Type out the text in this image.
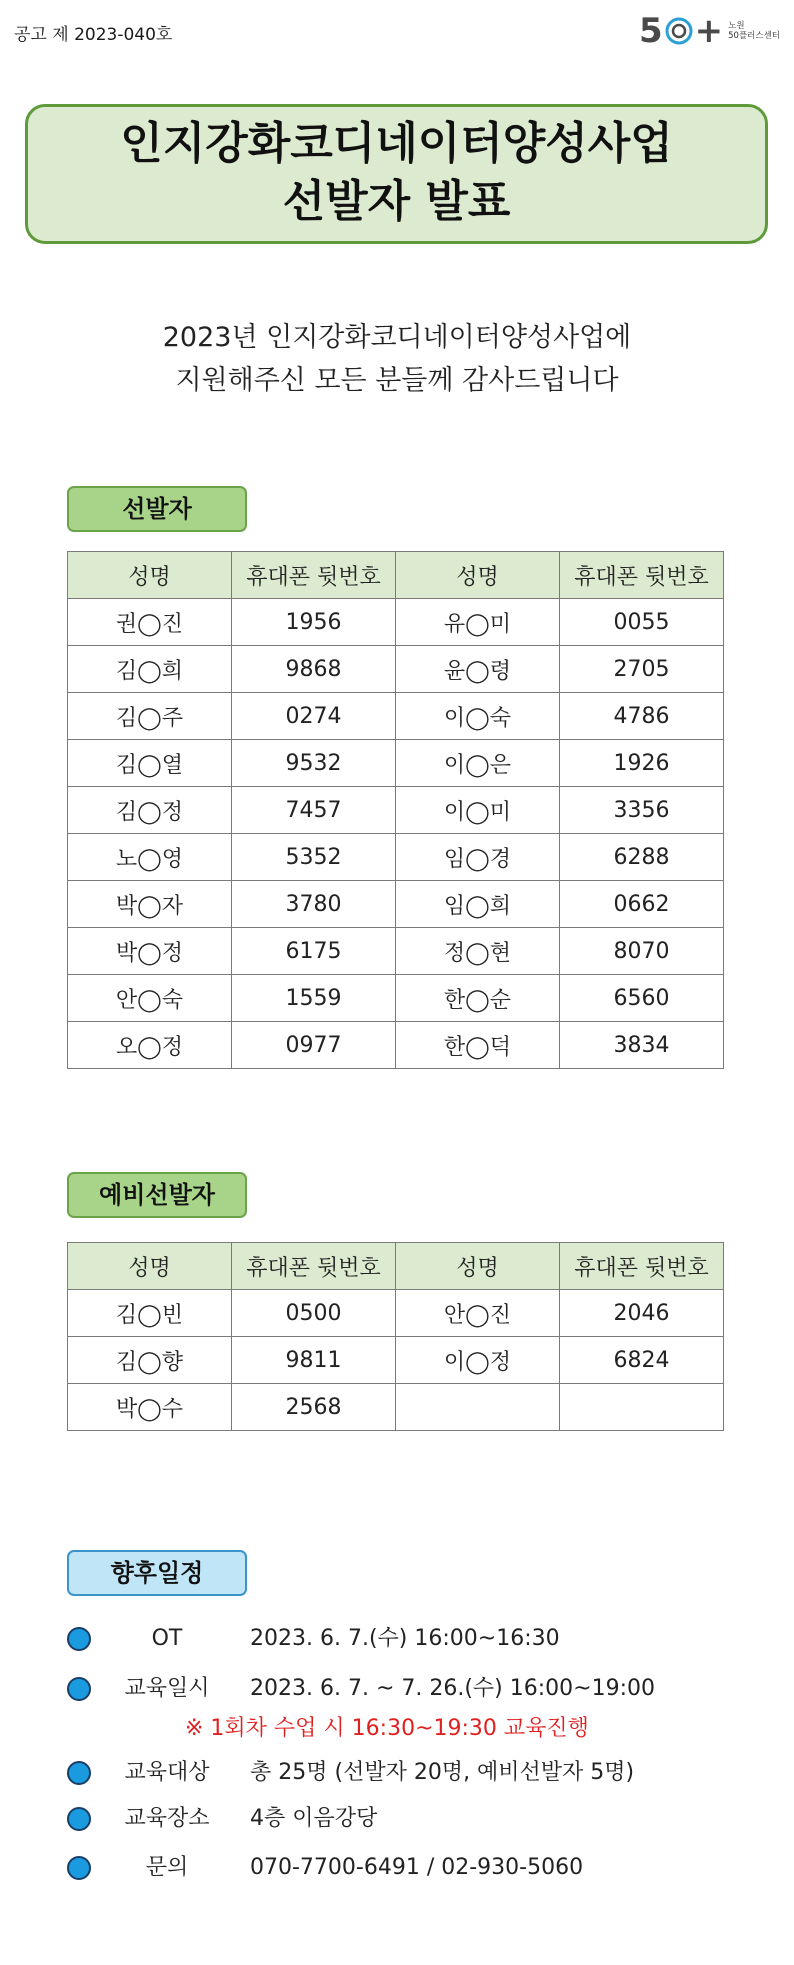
공고 제 2023-040호	5 + 노원
50플러스센터
인지강화코디네이터양성사업
선발자 발표
2023년 인지강화코디네이터양성사업에
지원해주신 모든 분들께 감사드립니다
선발자
성명	휴대폰 뒷번호	성명	휴대폰 뒷번호
권◯진	1956	유◯미	0055
김◯희	9868	윤◯령	2705
김◯주	0274	이◯숙	4786
김◯열	9532	이◯은	1926
김◯정	7457	이◯미	3356
노◯영	5352	임◯경	6288
박◯자	3780	임◯희	0662
박◯정	6175	정◯현	8070
안◯숙	1559	한◯순	6560
오◯정	0977	한◯덕	3834
예비선발자
성명	휴대폰 뒷번호	성명	휴대폰 뒷번호
김◯빈	0500	안◯진	2046
김◯향	9811	이◯정	6824
박◯수	2568		
향후일정
OT	2023. 6. 7.(수) 16:00~16:30
교육일시	2023. 6. 7. ~ 7. 26.(수) 16:00~19:00
※ 1회차 수업 시 16:30~19:30 교육진행
교육대상	총 25명 (선발자 20명, 예비선발자 5명)
교육장소	4층 이음강당
문의	070-7700-6491 / 02-930-5060
